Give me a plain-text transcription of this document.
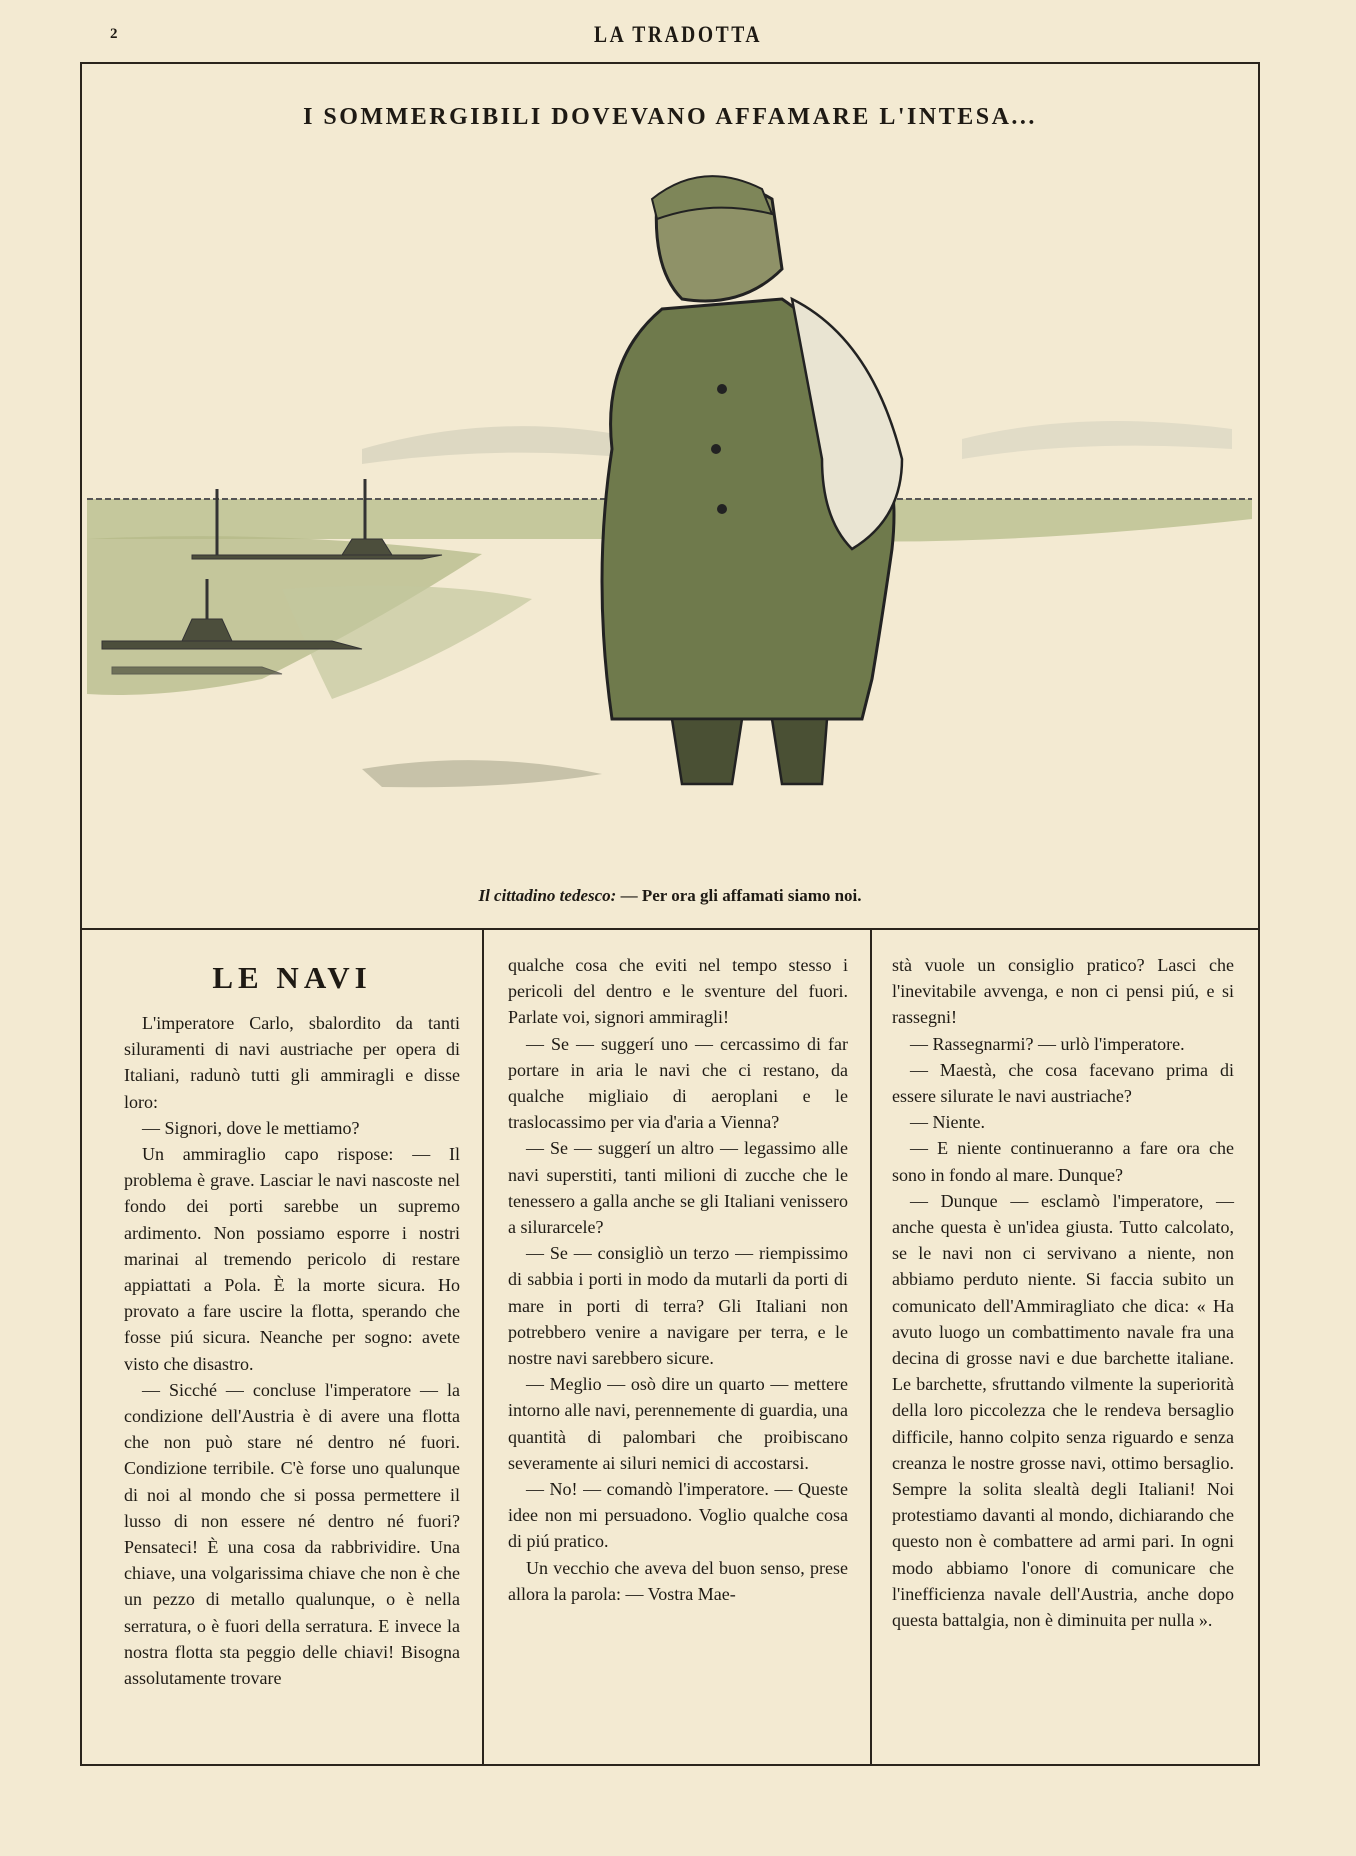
2	LA TRADOTTA
I SOMMERGIBILI DOVEVANO AFFAMARE L'INTESA...
Il cittadino tedesco: — Per ora gli affamati siamo noi.
LE NAVI

L'imperatore Carlo, sbalordito da tanti siluramenti di navi austriache per opera di Italiani, radunò tutti gli ammiragli e disse loro:

— Signori, dove le mettiamo?

Un ammiraglio capo rispose: — Il problema è grave. Lasciar le navi nascoste nel fondo dei porti sarebbe un supremo ardimento. Non possiamo esporre i nostri marinai al tremendo pericolo di restare appiattati a Pola. È la morte sicura. Ho provato a fare uscire la flotta, sperando che fosse piú sicura. Neanche per sogno: avete visto che disastro.

— Sicché — concluse l'imperatore — la condizione dell'Austria è di avere una flotta che non può stare né dentro né fuori. Condizione terribile. C'è forse uno qualunque di noi al mondo che si possa permettere il lusso di non essere né dentro né fuori? Pensateci! È una cosa da rabbrividire. Una chiave, una volgarissima chiave che non è che un pezzo di metallo qualunque, o è nella serratura, o è fuori della serratura. E invece la nostra flotta sta peggio delle chiavi! Bisogna assolutamente trovare

qualche cosa che eviti nel tempo stesso i pericoli del dentro e le sventure del fuori. Parlate voi, signori ammiragli!

— Se — suggerí uno — cercassimo di far portare in aria le navi che ci restano, da qualche migliaio di aeroplani e le traslocassimo per via d'aria a Vienna?

— Se — suggerí un altro — legassimo alle navi superstiti, tanti milioni di zucche che le tenessero a galla anche se gli Italiani venissero a silurarcele?

— Se — consigliò un terzo — riempissimo di sabbia i porti in modo da mutarli da porti di mare in porti di terra? Gli Italiani non potrebbero venire a navigare per terra, e le nostre navi sarebbero sicure.

— Meglio — osò dire un quarto — mettere intorno alle navi, perennemente di guardia, una quantità di palombari che proibiscano severamente ai siluri nemici di accostarsi.

— No! — comandò l'imperatore. — Queste idee non mi persuadono. Voglio qualche cosa di piú pratico.

Un vecchio che aveva del buon senso, prese allora la parola: — Vostra Mae-

stà vuole un consiglio pratico? Lasci che l'inevitabile avvenga, e non ci pensi piú, e si rassegni!

— Rassegnarmi? — urlò l'imperatore.

— Maestà, che cosa facevano prima di essere silurate le navi austriache?

— Niente.

— E niente continueranno a fare ora che sono in fondo al mare. Dunque?

— Dunque — esclamò l'imperatore, — anche questa è un'idea giusta. Tutto calcolato, se le navi non ci servivano a niente, non abbiamo perduto niente. Si faccia subito un comunicato dell'Ammiragliato che dica: « Ha avuto luogo un combattimento navale fra una decina di grosse navi e due barchette italiane. Le barchette, sfruttando vilmente la superiorità della loro piccolezza che le rendeva bersaglio difficile, hanno colpito senza riguardo e senza creanza le nostre grosse navi, ottimo bersaglio. Sempre la solita slealtà degli Italiani! Noi protestiamo davanti al mondo, dichiarando che questo non è combattere ad armi pari. In ogni modo abbiamo l'onore di comunicare che l'inefficienza navale dell'Austria, anche dopo questa battalgia, non è diminuita per nulla ».
